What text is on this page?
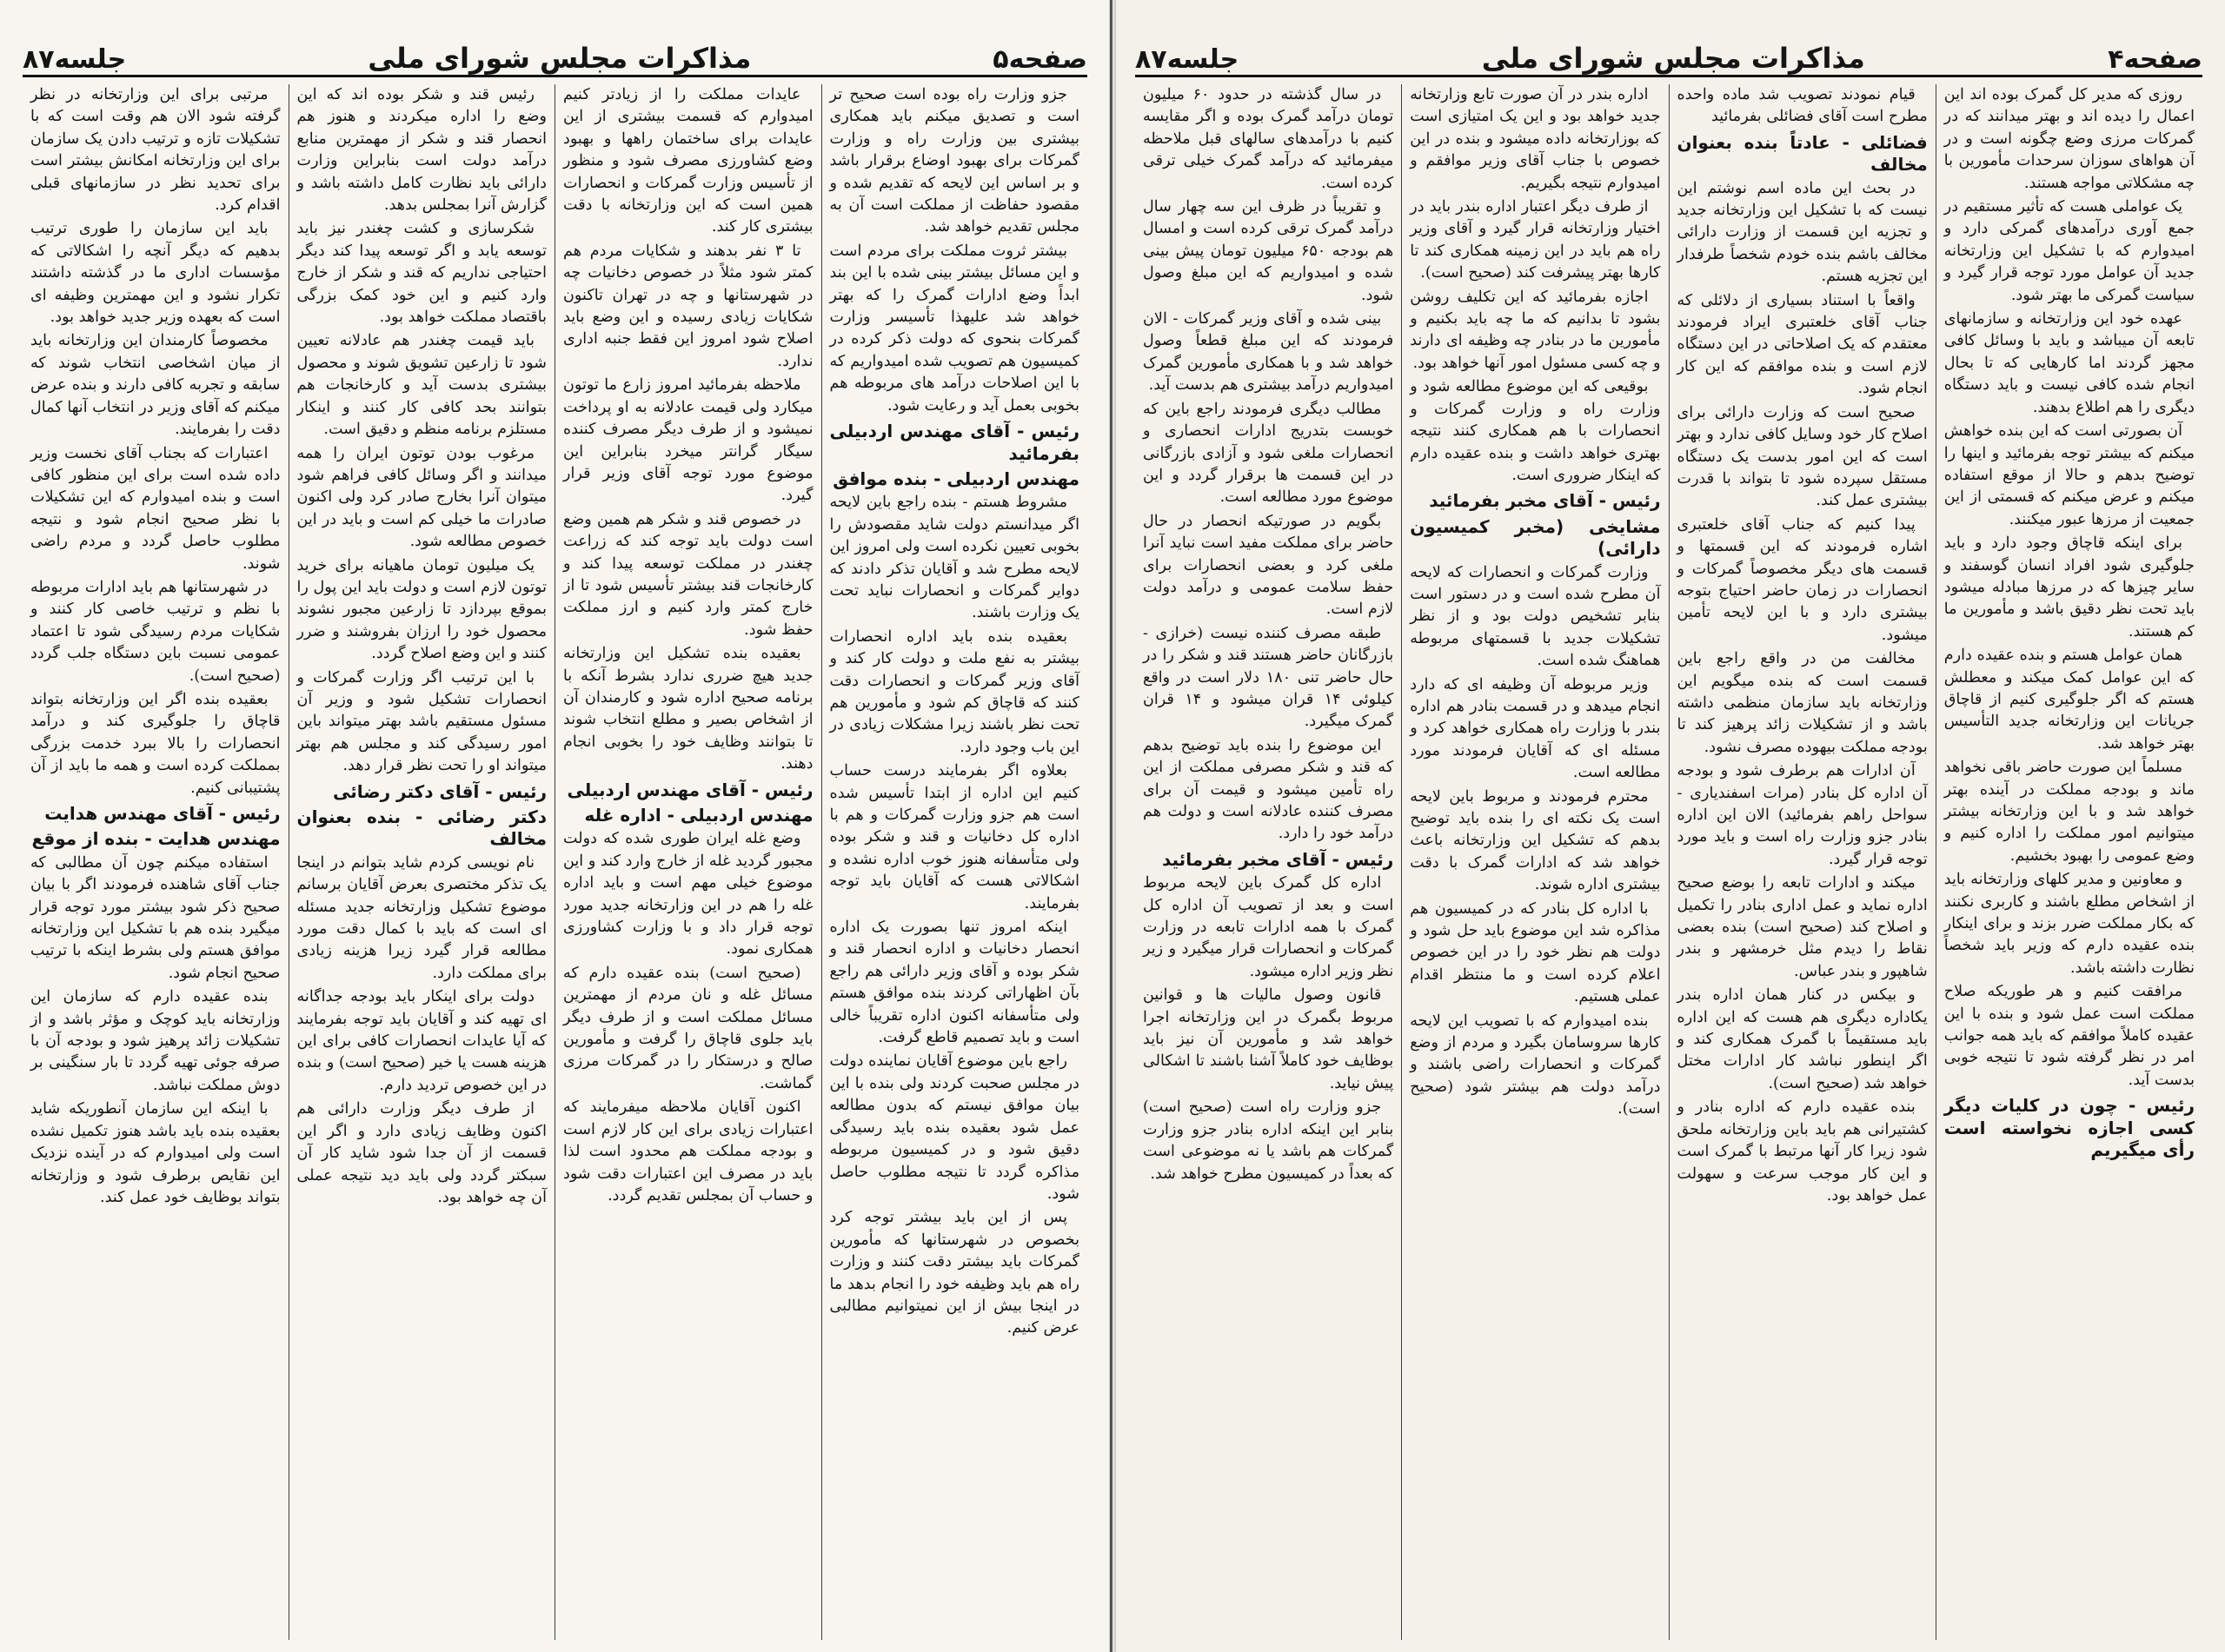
صفحه۵
مذاکرات مجلس شورای ملی
جلسه۸۷

جزو وزارت راه بوده است صحیح تر است و تصدیق میکنم باید همکاری بیشتری بین وزارت راه و وزارت گمرکات برای بهبود اوضاع برقرار باشد و بر اساس این لایحه که تقدیم شده و مقصود حفاظت از مملکت است آن به مجلس تقدیم خواهد شد.

بیشتر ثروت مملکت برای مردم است و این مسائل بیشتر بینی شده با این بند ابداً وضع ادارات گمرک را که بهتر خواهد شد علیهذا تأسیسر وزارت گمرکات بنحوی که دولت ذکر کرده در کمیسیون هم تصویب شده امیدواریم که با این اصلاحات درآمد های مربوطه هم بخوبی بعمل آید و رعایت شود.

رئیس - آقای مهندس اردبیلی بفرمائید

مهندس اردبیلی - بنده موافق

مشروط هستم - بنده راجع باین لایحه اگر میدانستم دولت شاید مقصودش را بخوبی تعیین نکرده است ولی امروز این لایحه مطرح شد و آقایان تذکر دادند که دوایر گمرکات و انحصارات نباید تحت یک وزارت باشند.

بعقیده بنده باید اداره انحصارات بیشتر به نفع ملت و دولت کار کند و آقای وزیر گمرکات و انحصارات دقت کنند که قاچاق کم شود و مأمورین هم تحت نظر باشند زیرا مشکلات زیادی در این باب وجود دارد.

بعلاوه اگر بفرمایند درست حساب کنیم این اداره از ابتدا تأسیس شده است هم جزو وزارت گمرکات و هم با اداره کل دخانیات و قند و شکر بوده ولی متأسفانه هنوز خوب اداره نشده و اشکالاتی هست که آقایان باید توجه بفرمایند.

اینکه امروز تنها بصورت یک اداره انحصار دخانیات و اداره انحصار قند و شکر بوده و آقای وزیر دارائی هم راجع بآن اظهاراتی کردند بنده موافق هستم ولی متأسفانه اکنون اداره تقریباً خالی است و باید تصمیم قاطع گرفت.

راجع باین موضوع آقایان نماینده دولت در مجلس صحبت کردند ولی بنده با این بیان موافق نیستم که بدون مطالعه عمل شود بعقیده بنده باید رسیدگی دقیق شود و در کمیسیون مربوطه مذاکره گردد تا نتیجه مطلوب حاصل شود.

پس از این باید بیشتر توجه کرد بخصوص در شهرستانها که مأمورین گمرکات باید بیشتر دقت کنند و وزارت راه هم باید وظیفه خود را انجام بدهد ما در اینجا بیش از این نمیتوانیم مطالبی عرض کنیم.

عایدات مملکت را از زیادتر کنیم امیدوارم که قسمت بیشتری از این عایدات برای ساختمان راهها و بهبود وضع کشاورزی مصرف شود و منظور از تأسیس وزارت گمرکات و انحصارات همین است که این وزارتخانه با دقت بیشتری کار کند.

تا ۳ نفر بدهند و شکایات مردم هم کمتر شود مثلاً در خصوص دخانیات چه در شهرستانها و چه در تهران تاکنون شکایات زیادی رسیده و این وضع باید اصلاح شود امروز این فقط جنبه اداری ندارد.

ملاحظه بفرمائید امروز زارع ما توتون میکارد ولی قیمت عادلانه به او پرداخت نمیشود و از طرف دیگر مصرف کننده سیگار گرانتر میخرد بنابراین این موضوع مورد توجه آقای وزیر قرار گیرد.

در خصوص قند و شکر هم همین وضع است دولت باید توجه کند که زراعت چغندر در مملکت توسعه پیدا کند و کارخانجات قند بیشتر تأسیس شود تا از خارج کمتر وارد کنیم و ارز مملکت حفظ شود.

بعقیده بنده تشکیل این وزارتخانه جدید هیچ ضرری ندارد بشرط آنکه با برنامه صحیح اداره شود و کارمندان آن از اشخاص بصیر و مطلع انتخاب شوند تا بتوانند وظایف خود را بخوبی انجام دهند.

رئیس - آقای مهندس اردبیلی

مهندس اردبیلی - اداره غله

وضع غله ایران طوری شده که دولت مجبور گردید غله از خارج وارد کند و این موضوع خیلی مهم است و باید اداره غله را هم در این وزارتخانه جدید مورد توجه قرار داد و با وزارت کشاورزی همکاری نمود.

(صحیح است) بنده عقیده دارم که مسائل غله و نان مردم از مهمترین مسائل مملکت است و از طرف دیگر باید جلوی قاچاق را گرفت و مأمورین صالح و درستکار را در گمرکات مرزی گماشت.

اکنون آقایان ملاحظه میفرمایند که اعتبارات زیادی برای این کار لازم است و بودجه مملکت هم محدود است لذا باید در مصرف این اعتبارات دقت شود و حساب آن بمجلس تقدیم گردد.

رئیس قند و شکر بوده اند که این وضع را اداره میکردند و هنوز هم انحصار قند و شکر از مهمترین منابع درآمد دولت است بنابراین وزارت دارائی باید نظارت کامل داشته باشد و گزارش آنرا بمجلس بدهد.

شکرسازی و کشت چغندر نیز باید توسعه یابد و اگر توسعه پیدا کند دیگر احتیاجی نداریم که قند و شکر از خارج وارد کنیم و این خود کمک بزرگی باقتصاد مملکت خواهد بود.

باید قیمت چغندر هم عادلانه تعیین شود تا زارعین تشویق شوند و محصول بیشتری بدست آید و کارخانجات هم بتوانند بحد کافی کار کنند و اینکار مستلزم برنامه منظم و دقیق است.

مرغوب بودن توتون ایران را همه میدانند و اگر وسائل کافی فراهم شود میتوان آنرا بخارج صادر کرد ولی اکنون صادرات ما خیلی کم است و باید در این خصوص مطالعه شود.

یک میلیون تومان ماهیانه برای خرید توتون لازم است و دولت باید این پول را بموقع بپردازد تا زارعین مجبور نشوند محصول خود را ارزان بفروشند و ضرر کنند و این وضع اصلاح گردد.

با این ترتیب اگر وزارت گمرکات و انحصارات تشکیل شود و وزیر آن مسئول مستقیم باشد بهتر میتواند باین امور رسیدگی کند و مجلس هم بهتر میتواند او را تحت نظر قرار دهد.

رئیس - آقای دکتر رضائی

دکتر رضائی - بنده بعنوان مخالف

نام نویسی کردم شاید بتوانم در اینجا یک تذکر مختصری بعرض آقایان برسانم موضوع تشکیل وزارتخانه جدید مسئله ای است که باید با کمال دقت مورد مطالعه قرار گیرد زیرا هزینه زیادی برای مملکت دارد.

دولت برای اینکار باید بودجه جداگانه ای تهیه کند و آقایان باید توجه بفرمایند که آیا عایدات انحصارات کافی برای این هزینه هست یا خیر (صحیح است) و بنده در این خصوص تردید دارم.

از طرف دیگر وزارت دارائی هم اکنون وظایف زیادی دارد و اگر این قسمت از آن جدا شود شاید کار آن سبکتر گردد ولی باید دید نتیجه عملی آن چه خواهد بود.

مرتبی برای این وزارتخانه در نظر گرفته شود الان هم وقت است که با تشکیلات تازه و ترتیب دادن یک سازمان برای این وزارتخانه امکانش بیشتر است برای تحدید نظر در سازمانهای قبلی اقدام کرد.

باید این سازمان را طوری ترتیب بدهیم که دیگر آنچه را اشکالاتی که مؤسسات اداری ما در گذشته داشتند تکرار نشود و این مهمترین وظیفه ای است که بعهده وزیر جدید خواهد بود.

مخصوصاً کارمندان این وزارتخانه باید از میان اشخاصی انتخاب شوند که سابقه و تجربه کافی دارند و بنده عرض میکنم که آقای وزیر در انتخاب آنها کمال دقت را بفرمایند.

اعتبارات که بجناب آقای نخست وزیر داده شده است برای این منظور کافی است و بنده امیدوارم که این تشکیلات با نظر صحیح انجام شود و نتیجه مطلوب حاصل گردد و مردم راضی شوند.

در شهرستانها هم باید ادارات مربوطه با نظم و ترتیب خاصی کار کنند و شکایات مردم رسیدگی شود تا اعتماد عمومی نسبت باین دستگاه جلب گردد (صحیح است).

بعقیده بنده اگر این وزارتخانه بتواند قاچاق را جلوگیری کند و درآمد انحصارات را بالا ببرد خدمت بزرگی بمملکت کرده است و همه ما باید از آن پشتیبانی کنیم.

رئیس - آقای مهندس هدایت

مهندس هدایت - بنده از موقع

استفاده میکنم چون آن مطالبی که جناب آقای شاهنده فرمودند اگر با بیان صحیح ذکر شود بیشتر مورد توجه قرار میگیرد بنده هم با تشکیل این وزارتخانه موافق هستم ولی بشرط اینکه با ترتیب صحیح انجام شود.

بنده عقیده دارم که سازمان این وزارتخانه باید کوچک و مؤثر باشد و از تشکیلات زائد پرهیز شود و بودجه آن با صرفه جوئی تهیه گردد تا بار سنگینی بر دوش مملکت نباشد.

با اینکه این سازمان آنطوریکه شاید بعقیده بنده باید باشد هنوز تکمیل نشده است ولی امیدوارم که در آینده نزدیک این نقایص برطرف شود و وزارتخانه بتواند بوظایف خود عمل کند.

صفحه۴
مذاکرات مجلس شورای ملی
جلسه۸۷

روزی که مدیر کل گمرک بوده اند این اعمال را دیده اند و بهتر میدانند که در گمرکات مرزی وضع چگونه است و در آن هواهای سوزان سرحدات مأمورین با چه مشکلاتی مواجه هستند.

یک عواملی هست که تأثیر مستقیم در جمع آوری درآمدهای گمرکی دارد و امیدوارم که با تشکیل این وزارتخانه جدید آن عوامل مورد توجه قرار گیرد و سیاست گمرکی ما بهتر شود.

عهده خود این وزارتخانه و سازمانهای تابعه آن میباشد و باید با وسائل کافی مجهز گردند اما کارهایی که تا بحال انجام شده کافی نیست و باید دستگاه دیگری را هم اطلاع بدهند.

آن بصورتی است که این بنده خواهش میکنم که بیشتر توجه بفرمائید و اینها را توضیح بدهم و حالا از موقع استفاده میکنم و عرض میکنم که قسمتی از این جمعیت از مرزها عبور میکنند.

برای اینکه قاچاق وجود دارد و باید جلوگیری شود افراد انسان گوسفند و سایر چیزها که در مرزها مبادله میشود باید تحت نظر دقیق باشد و مأمورین ما کم هستند.

همان عوامل هستم و بنده عقیده دارم که این عوامل کمک میکند و معطلش هستم که اگر جلوگیری کنیم از قاچاق جریانات این وزارتخانه جدید التأسیس بهتر خواهد شد.

مسلماً این صورت حاضر باقی نخواهد ماند و بودجه مملکت در آینده بهتر خواهد شد و با این وزارتخانه بیشتر میتوانیم امور مملکت را اداره کنیم و وضع عمومی را بهبود بخشیم.

و معاونین و مدیر کلهای وزارتخانه باید از اشخاص مطلع باشند و کاربری نکنند که بکار مملکت ضرر بزند و برای اینکار بنده عقیده دارم که وزیر باید شخصاً نظارت داشته باشد.

مرافقت کنیم و هر طوریکه صلاح مملکت است عمل شود و بنده با این عقیده کاملاً موافقم که باید همه جوانب امر در نظر گرفته شود تا نتیجه خوبی بدست آید.

رئیس - چون در کلیات دیگر کسی اجازه نخواسته است رأی میگیریم

قیام نمودند تصویب شد ماده واحده مطرح است آقای فضائلی بفرمائید

فضائلی - عادتاً بنده بعنوان مخالف

در بحث این ماده اسم نوشتم این نیست که با تشکیل این وزارتخانه جدید و تجزیه این قسمت از وزارت دارائی مخالف باشم بنده خودم شخصاً طرفدار این تجزیه هستم.

واقعاً با استناد بسیاری از دلائلی که جناب آقای خلعتبری ایراد فرمودند معتقدم که یک اصلاحاتی در این دستگاه لازم است و بنده موافقم که این کار انجام شود.

صحیح است که وزارت دارائی برای اصلاح کار خود وسایل کافی ندارد و بهتر است که این امور بدست یک دستگاه مستقل سپرده شود تا بتواند با قدرت بیشتری عمل کند.

پیدا کنیم که جناب آقای خلعتبری اشاره فرمودند که این قسمتها و قسمت های دیگر مخصوصاً گمرکات و انحصارات در زمان حاضر احتیاج بتوجه بیشتری دارد و با این لایحه تأمین میشود.

مخالفت من در واقع راجع باین قسمت است که بنده میگویم این وزارتخانه باید سازمان منظمی داشته باشد و از تشکیلات زائد پرهیز کند تا بودجه مملکت بیهوده مصرف نشود.

آن ادارات هم برطرف شود و بودجه آن اداره کل بنادر (مرات اسفندیاری - سواحل راهم بفرمائید) الان این اداره بنادر جزو وزارت راه است و باید مورد توجه قرار گیرد.

میکند و ادارات تابعه را بوضع صحیح اداره نماید و عمل اداری بنادر را تکمیل و اصلاح کند (صحیح است) بنده بعضی نقاط را دیدم مثل خرمشهر و بندر شاهپور و بندر عباس.

و بیکس در کنار همان اداره بندر یکاداره دیگری هم هست که این اداره باید مستقیماً با گمرک همکاری کند و اگر اینطور نباشد کار ادارات مختل خواهد شد (صحیح است).

بنده عقیده دارم که اداره بنادر و کشتیرانی هم باید باین وزارتخانه ملحق شود زیرا کار آنها مرتبط با گمرک است و این کار موجب سرعت و سهولت عمل خواهد بود.

اداره بندر در آن صورت تابع وزارتخانه جدید خواهد بود و این یک امتیازی است که بوزارتخانه داده میشود و بنده در این خصوص با جناب آقای وزیر موافقم و امیدوارم نتیجه بگیریم.

از طرف دیگر اعتبار اداره بندر باید در اختیار وزارتخانه قرار گیرد و آقای وزیر راه هم باید در این زمینه همکاری کند تا کارها بهتر پیشرفت کند (صحیح است).

اجازه بفرمائید که این تکلیف روشن بشود تا بدانیم که ما چه باید بکنیم و مأمورین ما در بنادر چه وظیفه ای دارند و چه کسی مسئول امور آنها خواهد بود.

بوقیعی که این موضوع مطالعه شود و وزارت راه و وزارت گمرکات و انحصارات با هم همکاری کنند نتیجه بهتری خواهد داشت و بنده عقیده دارم که اینکار ضروری است.

رئیس - آقای مخبر بفرمائید

مشایخی (مخبر کمیسیون دارائی)

وزارت گمرکات و انحصارات که لایحه آن مطرح شده است و در دستور است بنابر تشخیص دولت بود و از نظر تشکیلات جدید با قسمتهای مربوطه هماهنگ شده است.

وزیر مربوطه آن وظیفه ای که دارد انجام میدهد و در قسمت بنادر هم اداره بندر با وزارت راه همکاری خواهد کرد و مسئله ای که آقایان فرمودند مورد مطالعه است.

محترم فرمودند و مربوط باین لایحه است یک نکته ای را بنده باید توضیح بدهم که تشکیل این وزارتخانه باعث خواهد شد که ادارات گمرک با دقت بیشتری اداره شوند.

با اداره کل بنادر که در کمیسیون هم مذاکره شد این موضوع باید حل شود و دولت هم نظر خود را در این خصوص اعلام کرده است و ما منتظر اقدام عملی هستیم.

بنده امیدوارم که با تصویب این لایحه کارها سروسامان بگیرد و مردم از وضع گمرکات و انحصارات راضی باشند و درآمد دولت هم بیشتر شود (صحیح است).

در سال گذشته در حدود ۶۰ میلیون تومان درآمد گمرک بوده و اگر مقایسه کنیم با درآمدهای سالهای قبل ملاحظه میفرمائید که درآمد گمرک خیلی ترقی کرده است.

و تقریباً در ظرف این سه چهار سال درآمد گمرک ترقی کرده است و امسال هم بودجه ۶۵۰ میلیون تومان پیش بینی شده و امیدواریم که این مبلغ وصول شود.

بینی شده و آقای وزیر گمرکات - الان فرمودند که این مبلغ قطعاً وصول خواهد شد و با همکاری مأمورین گمرک امیدواریم درآمد بیشتری هم بدست آید.

مطالب دیگری فرمودند راجع باین که خوبست بتدریج ادارات انحصاری و انحصارات ملغی شود و آزادی بازرگانی در این قسمت ها برقرار گردد و این موضوع مورد مطالعه است.

بگویم در صورتیکه انحصار در حال حاضر برای مملکت مفید است نباید آنرا ملغی کرد و بعضی انحصارات برای حفظ سلامت عمومی و درآمد دولت لازم است.

طبقه مصرف کننده نیست (خرازی - بازرگانان حاضر هستند قند و شکر را در حال حاضر تنی ۱۸۰ دلار است در واقع کیلوئی ۱۴ قران میشود و ۱۴ قران گمرک میگیرد.

این موضوع را بنده باید توضیح بدهم که قند و شکر مصرفی مملکت از این راه تأمین میشود و قیمت آن برای مصرف کننده عادلانه است و دولت هم درآمد خود را دارد.

رئیس - آقای مخبر بفرمائید

اداره کل گمرک باین لایحه مربوط است و بعد از تصویب آن اداره کل گمرک با همه ادارات تابعه در وزارت گمرکات و انحصارات قرار میگیرد و زیر نظر وزیر اداره میشود.

قانون وصول مالیات ها و قوانین مربوط بگمرک در این وزارتخانه اجرا خواهد شد و مأمورین آن نیز باید بوظایف خود کاملاً آشنا باشند تا اشکالی پیش نیاید.

جزو وزارت راه است (صحیح است) بنابر این اینکه اداره بنادر جزو وزارت گمرکات هم باشد یا نه موضوعی است که بعداً در کمیسیون مطرح خواهد شد.
